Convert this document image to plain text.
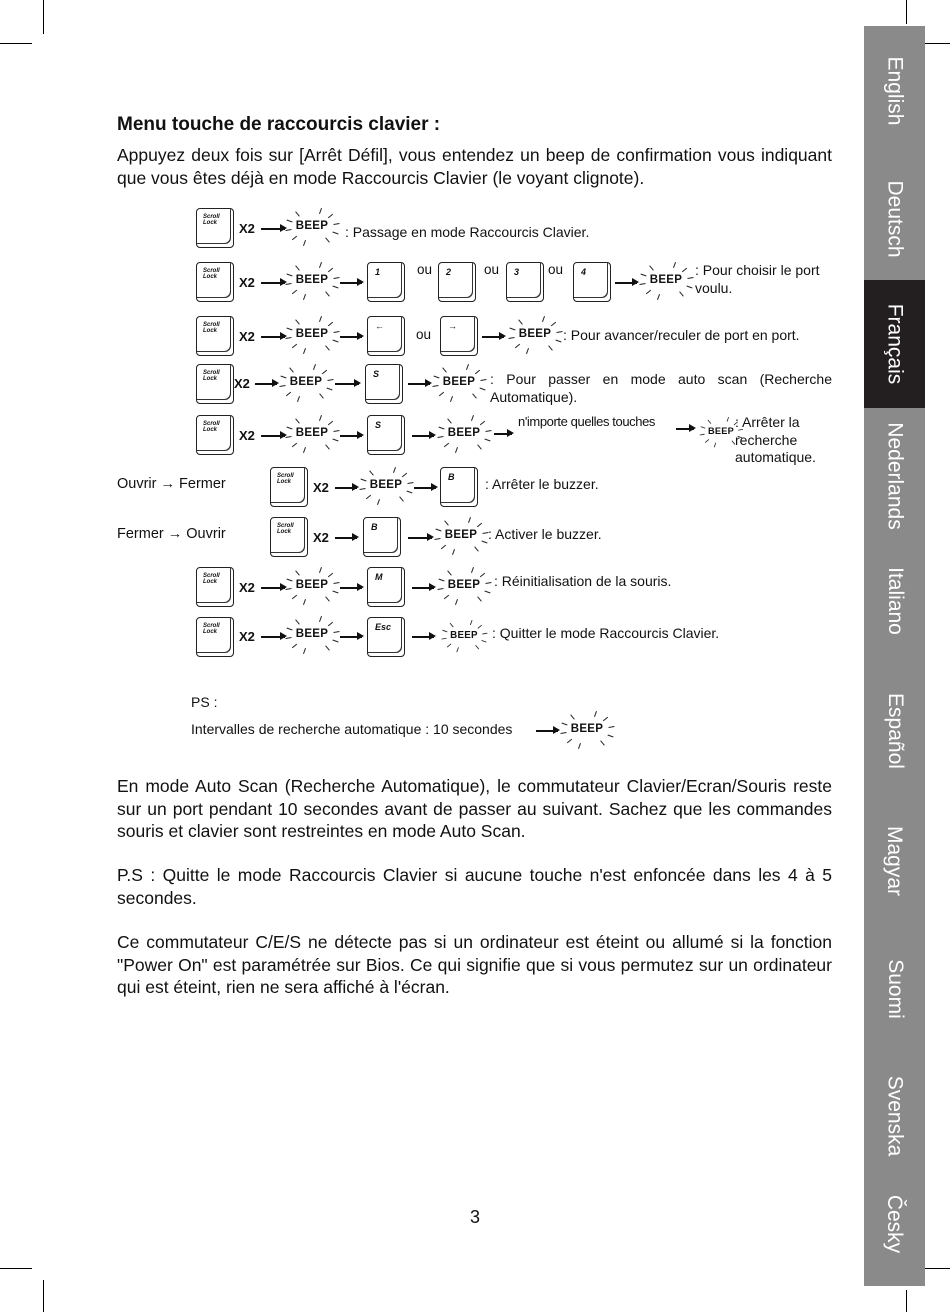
English
Deutsch
Français
Nederlands
Italiano
Español
Magyar
Suomi
Svenska
Česky
Menu touche de raccourcis clavier :

Appuyez deux fois sur [Arrêt Défil], vous entendez un beep de confirmation vous indiquant que vous êtes déjà en mode Raccourcis Clavier (le voyant clignote).

Scroll Lock	X2	BEEP	: Passage en mode Raccourcis Clavier.
Scroll Lock	X2	BEEP
1	ou 2 ou 3 ou 4
BEEP
: Pour choisir le port voulu.
Scroll Lock	X2	BEEP
←
ou
→
BEEP : Pour avancer/reculer de port en port.
Scroll Lock	X2	BEEP
S
BEEP	: Pour passer en mode auto scan (Recherche Automatique).
Scroll Lock	X2	BEEP
S
BEEP
n'importe quelles touches
BEEP
: Arrêter la recherche automatique.
Ouvrir → Fermer	Scroll Lock	X2	BEEP
B : Arrêter le buzzer.
Fermer → Ouvrir	Scroll Lock	X2
B
BEEP : Activer le buzzer.
Scroll Lock	X2	BEEP
M
BEEP : Réinitialisation de la souris.
Scroll Lock	X2	BEEP
Esc
BEEP	: Quitter le mode Raccourcis Clavier.
PS :
Intervalles de recherche automatique : 10 secondes	BEEP

En mode Auto Scan (Recherche Automatique), le commutateur Clavier/Ecran/Souris reste sur un port pendant 10 secondes avant de passer au suivant. Sachez que les commandes souris et clavier sont restreintes en mode Auto Scan.

P.S : Quitte le mode Raccourcis Clavier si aucune touche n'est enfoncée dans les 4 à 5 secondes.

Ce commutateur C/E/S ne détecte pas si un ordinateur est éteint ou allumé si la fonction "Power On" est paramétrée sur Bios. Ce qui signifie que si vous permutez sur un ordinateur qui est éteint, rien ne sera affiché à l'écran.

3
